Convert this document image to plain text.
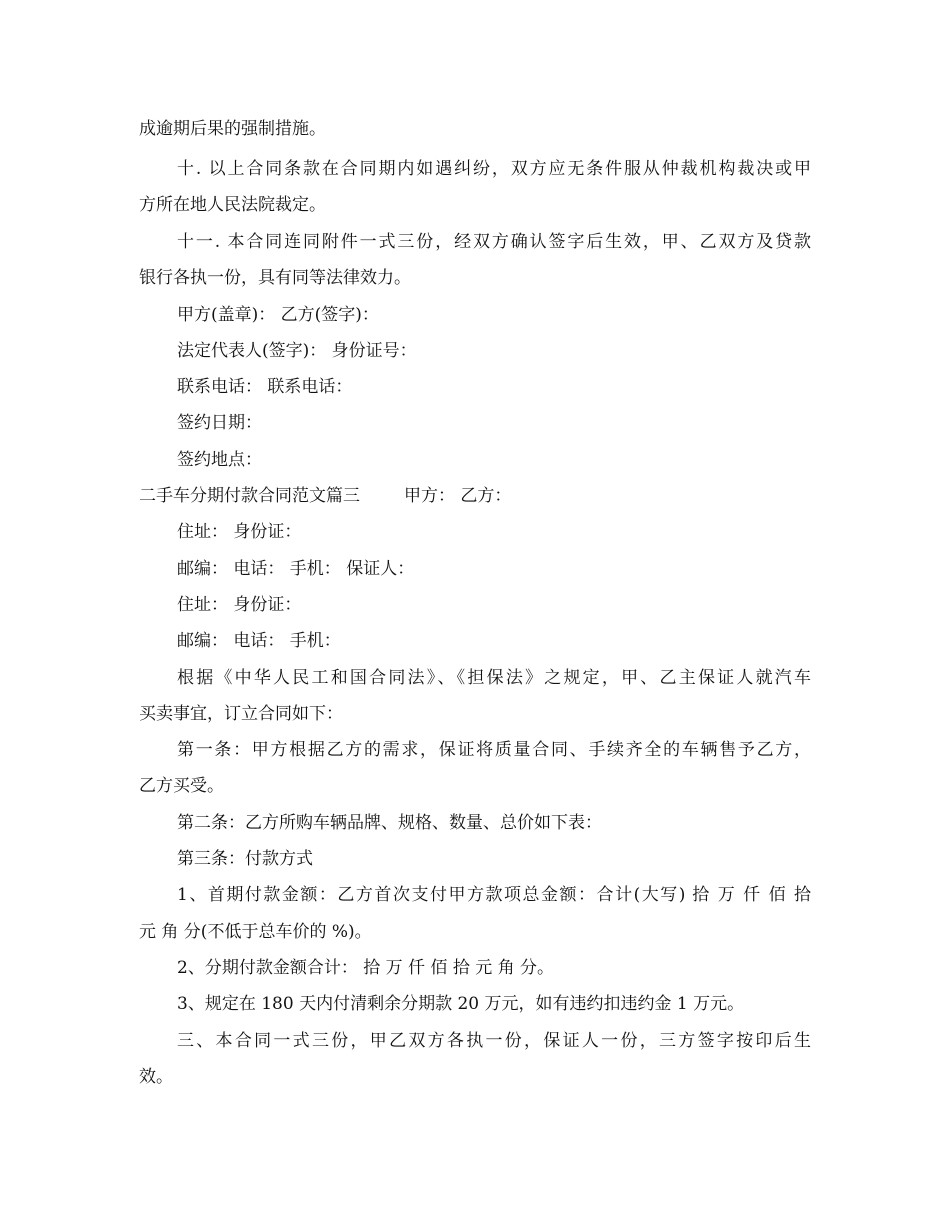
成逾期后果的强制措施。
十. 以上合同条款在合同期内如遇纠纷，双方应无条件服从仲裁机构裁决或甲
方所在地人民法院裁定。
十一. 本合同连同附件一式三份，经双方确认签字后生效，甲、乙双方及贷款
银行各执一份，具有同等法律效力。
甲方(盖章)： 乙方(签字)：
法定代表人(签字)： 身份证号：
联系电话： 联系电话：
签约日期：
签约地点：
二手车分期付款合同范文篇三	甲方： 乙方：
住址： 身份证：
邮编： 电话： 手机： 保证人：
住址： 身份证：
邮编： 电话： 手机：
根据《中华人民工和国合同法》、《担保法》之规定，甲、乙主保证人就汽车
买卖事宜，订立合同如下：
第一条：甲方根据乙方的需求，保证将质量合同、手续齐全的车辆售予乙方，
乙方买受。
第二条：乙方所购车辆品牌、规格、数量、总价如下表：
第三条：付款方式
1、首期付款金额：乙方首次支付甲方款项总金额：合计(大写) 拾 万 仟 佰 拾
元 角 分(不低于总车价的 %)。
2、分期付款金额合计： 拾 万 仟 佰 拾 元 角 分。
3、规定在 180 天内付清剩余分期款 20 万元，如有违约扣违约金 1 万元。
三、本合同一式三份，甲乙双方各执一份，保证人一份，三方签字按印后生
效。
